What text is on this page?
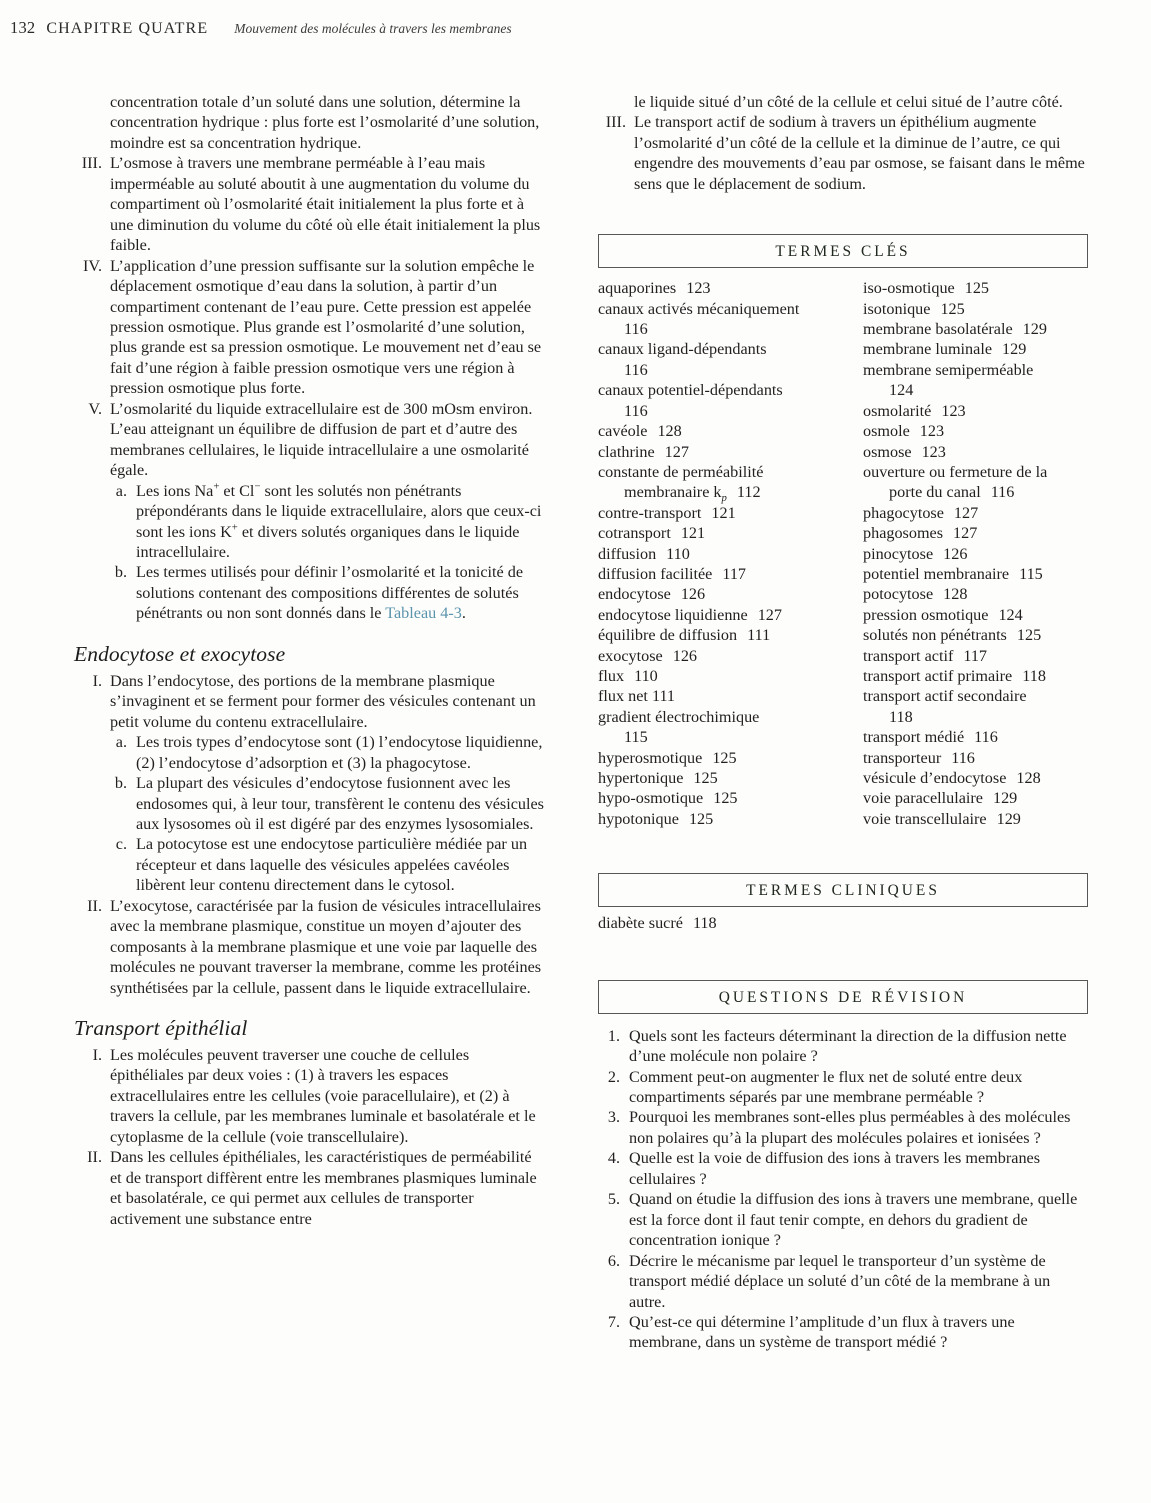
132 CHAPITRE QUATRE Mouvement des molécules à travers les membranes
concentration totale d’un soluté dans une solution, détermine la concentration hydrique : plus forte est l’osmolarité d’une solution, moindre est sa concentration hydrique.
III. L’osmose à travers une membrane perméable à l’eau mais imperméable au soluté aboutit à une augmentation du volume du compartiment où l’osmolarité était initialement la plus forte et à une diminution du volume du côté où elle était initialement la plus faible.
IV. L’application d’une pression suffisante sur la solution empêche le déplacement osmotique d’eau dans la solution, à partir d’un compartiment contenant de l’eau pure. Cette pression est appelée pression osmotique. Plus grande est l’osmolarité d’une solution, plus grande est sa pression osmotique. Le mouvement net d’eau se fait d’une région à faible pression osmotique vers une région à pression osmotique plus forte.
V. L’osmolarité du liquide extracellulaire est de 300 mOsm environ. L’eau atteignant un équilibre de diffusion de part et d’autre des membranes cellulaires, le liquide intracellulaire a une osmolarité égale.
a. Les ions Na+ et Cl− sont les solutés non pénétrants prépondérants dans le liquide extracellulaire, alors que ceux-ci sont les ions K+ et divers solutés organiques dans le liquide intracellulaire.
b. Les termes utilisés pour définir l’osmolarité et la tonicité de solutions contenant des compositions différentes de solutés pénétrants ou non sont donnés dans le Tableau 4-3.
Endocytose et exocytose
I. Dans l’endocytose, des portions de la membrane plasmique s’invaginent et se ferment pour former des vésicules contenant un petit volume du contenu extracellulaire.
a. Les trois types d’endocytose sont (1) l’endocytose liquidienne, (2) l’endocytose d’adsorption et (3) la phagocytose.
b. La plupart des vésicules d’endocytose fusionnent avec les endosomes qui, à leur tour, transfèrent le contenu des vésicules aux lysosomes où il est digéré par des enzymes lysosomiales.
c. La potocytose est une endocytose particulière médiée par un récepteur et dans laquelle des vésicules appelées cavéoles libèrent leur contenu directement dans le cytosol.
II. L’exocytose, caractérisée par la fusion de vésicules intracellulaires avec la membrane plasmique, constitue un moyen d’ajouter des composants à la membrane plasmique et une voie par laquelle des molécules ne pouvant traverser la membrane, comme les protéines synthétisées par la cellule, passent dans le liquide extracellulaire.
Transport épithélial
I. Les molécules peuvent traverser une couche de cellules épithéliales par deux voies : (1) à travers les espaces extracellulaires entre les cellules (voie paracellulaire), et (2) à travers la cellule, par les membranes luminale et basolatérale et le cytoplasme de la cellule (voie transcellulaire).
II. Dans les cellules épithéliales, les caractéristiques de perméabilité et de transport diffèrent entre les membranes plasmiques luminale et basolatérale, ce qui permet aux cellules de transporter activement une substance entre
le liquide situé d’un côté de la cellule et celui situé de l’autre côté.
III. Le transport actif de sodium à travers un épithélium augmente l’osmolarité d’un côté de la cellule et la diminue de l’autre, ce qui engendre des mouvements d’eau par osmose, se faisant dans le même sens que le déplacement de sodium.
TERMES CLÉS
aquaporines 123
canaux activés mécaniquement
116
canaux ligand-dépendants
116
canaux potentiel-dépendants
116
cavéole 128
clathrine 127
constante de perméabilité
membranaire $k_p$ 112
contre-transport 121
cotransport 121
diffusion 110
diffusion facilitée 117
endocytose 126
endocytose liquidienne 127
équilibre de diffusion 111
exocytose 126
flux 110
flux net 111
gradient électrochimique
115
hyperosmotique 125
hypertonique 125
hypo-osmotique 125
hypotonique 125
iso-osmotique 125
isotonique 125
membrane basolatérale 129
membrane luminale 129
membrane semiperméable
124
osmolarité 123
osmole 123
osmose 123
ouverture ou fermeture de la
porte du canal 116
phagocytose 127
phagosomes 127
pinocytose 126
potentiel membranaire 115
potocytose 128
pression osmotique 124
solutés non pénétrants 125
transport actif 117
transport actif primaire 118
transport actif secondaire
118
transport médié 116
transporteur 116
vésicule d’endocytose 128
voie paracellulaire 129
voie transcellulaire 129
TERMES CLINIQUES
diabète sucré 118
QUESTIONS DE RÉVISION
1. Quels sont les facteurs déterminant la direction de la diffusion nette d’une molécule non polaire ?
2. Comment peut-on augmenter le flux net de soluté entre deux compartiments séparés par une membrane perméable ?
3. Pourquoi les membranes sont-elles plus perméables à des molécules non polaires qu’à la plupart des molécules polaires et ionisées ?
4. Quelle est la voie de diffusion des ions à travers les membranes cellulaires ?
5. Quand on étudie la diffusion des ions à travers une membrane, quelle est la force dont il faut tenir compte, en dehors du gradient de concentration ionique ?
6. Décrire le mécanisme par lequel le transporteur d’un système de transport médié déplace un soluté d’un côté de la membrane à un autre.
7. Qu’est-ce qui détermine l’amplitude d’un flux à travers une membrane, dans un système de transport médié ?
